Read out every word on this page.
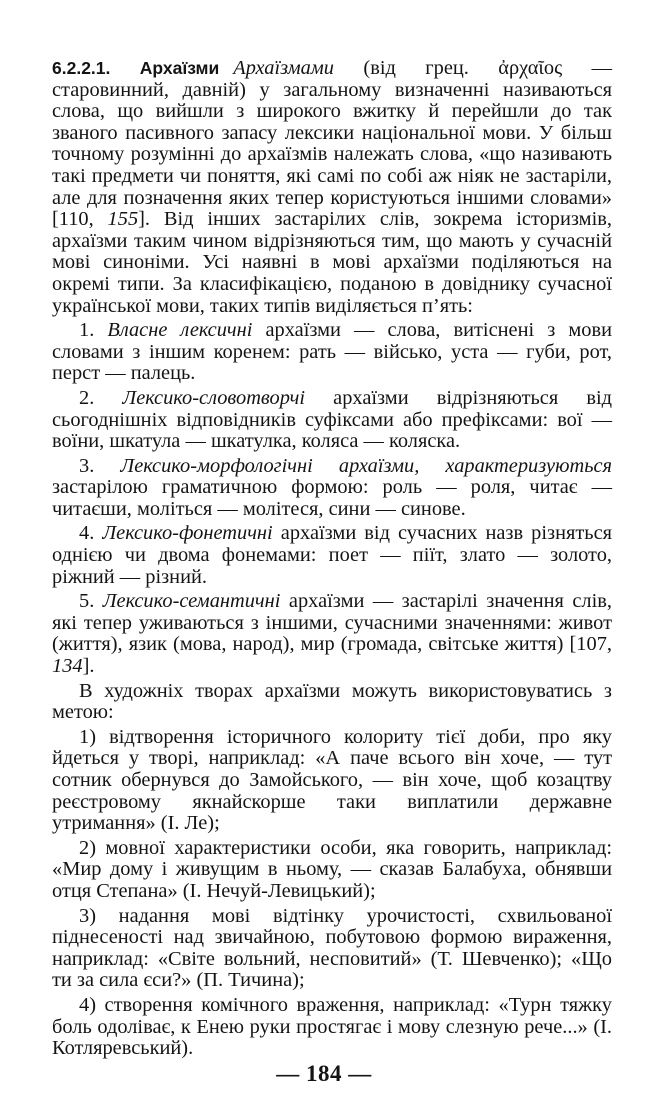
6.2.2.1. Архаїзми Архаїзмами (від грец. ἀρχαῖος — старовинний, давній) у загальному визначенні називаються слова, що вийшли з широкого вжитку й перейшли до так званого пасивного запасу лексики національної мови. У більш точному розумінні до архаїзмів належать слова, «що називають такі предмети чи поняття, які самі по собі аж ніяк не застаріли, але для позначення яких тепер користуються іншими словами» [110, 155]. Від інших застарілих слів, зокрема історизмів, архаїзми таким чином відрізняються тим, що мають у сучасній мові синоніми. Усі наявні в мові архаїзми поділяються на окремі типи. За класифікацією, поданою в довіднику сучасної української мови, таких типів виділяється п’ять:

1. Власне лексичні архаїзми — слова, витіснені з мови словами з іншим коренем: рать — військо, уста — губи, рот, перст — палець.

2. Лексико-словотворчі архаїзми відрізняються від сьогоднішніх відповідників суфіксами або префіксами: вої — воїни, шкатула — шкатулка, коляса — коляска.

3. Лексико-морфологічні архаїзми, характеризуються застарілою граматичною формою: роль — роля, читає — читаєши, моліться — молітеся, сини — синове.

4. Лексико-фонетичні архаїзми від сучасних назв різняться однією чи двома фонемами: поет — піїт, злато — золото, ріжний — різний.

5. Лексико-семантичні архаїзми — застарілі значення слів, які тепер уживаються з іншими, сучасними значеннями: живот (життя), язик (мова, народ), мир (громада, світське життя) [107, 134].

В художніх творах архаїзми можуть використовуватись з метою:

1) відтворення історичного колориту тієї доби, про яку йдеться у творі, наприклад: «А паче всього він хоче, — тут сотник обернувся до Замойського, — він хоче, щоб козацтву реєстровому якнайскорше таки виплатили державне утримання» (І. Ле);

2) мовної характеристики особи, яка говорить, наприклад: «Мир дому і живущим в ньому, — сказав Балабуха, обнявши отця Степана» (І. Нечуй-Левицький);

3) надання мові відтінку урочистості, схвильованої піднесеності над звичайною, побутовою формою вираження, наприклад: «Світе вольний, несповитий» (Т. Шевченко); «Що ти за сила єси?» (П. Тичина);

4) створення комічного враження, наприклад: «Турн тяжку боль одоліває, к Енею руки простягає і мову слезную рече...» (І. Котляревський).

— 184 —
